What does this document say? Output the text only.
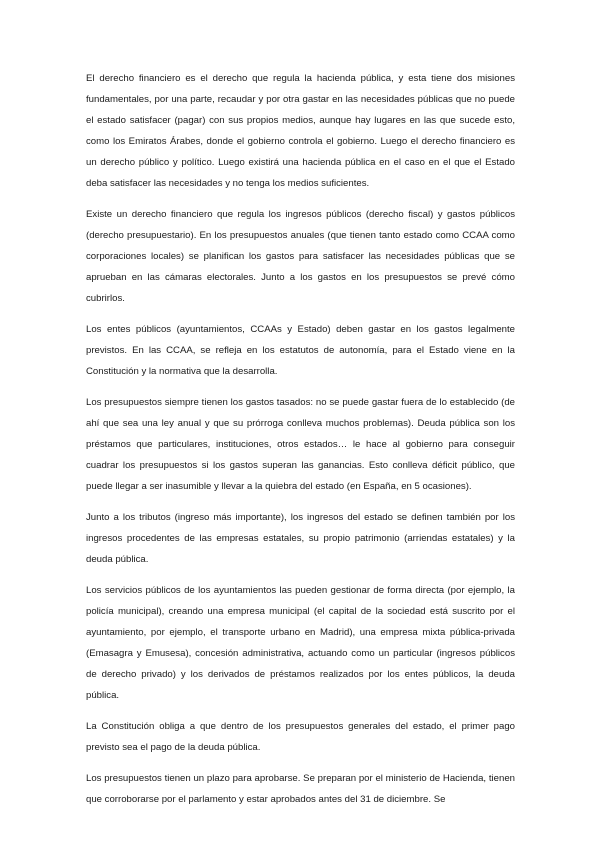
El derecho financiero es el derecho que regula la hacienda pública, y esta tiene dos misiones fundamentales, por una parte, recaudar y por otra gastar en las necesidades públicas que no puede el estado satisfacer (pagar) con sus propios medios, aunque hay lugares en las que sucede esto, como los Emiratos Árabes, donde el gobierno controla el gobierno. Luego el derecho financiero es un derecho público y político. Luego existirá una hacienda pública en el caso en el que el Estado deba satisfacer las necesidades y no tenga los medios suficientes.

Existe un derecho financiero que regula los ingresos públicos (derecho fiscal) y gastos públicos (derecho presupuestario). En los presupuestos anuales (que tienen tanto estado como CCAA como corporaciones locales) se planifican los gastos para satisfacer las necesidades públicas que se aprueban en las cámaras electorales. Junto a los gastos en los presupuestos se prevé cómo cubrirlos.

Los entes públicos (ayuntamientos, CCAAs y Estado) deben gastar en los gastos legalmente previstos. En las CCAA, se refleja en los estatutos de autonomía, para el Estado viene en la Constitución y la normativa que la desarrolla.

Los presupuestos siempre tienen los gastos tasados: no se puede gastar fuera de lo establecido (de ahí que sea una ley anual y que su prórroga conlleva muchos problemas). Deuda pública son los préstamos que particulares, instituciones, otros estados… le hace al gobierno para conseguir cuadrar los presupuestos si los gastos superan las ganancias. Esto conlleva déficit público, que puede llegar a ser inasumible y llevar a la quiebra del estado (en España, en 5 ocasiones).

Junto a los tributos (ingreso más importante), los ingresos del estado se definen también por los ingresos procedentes de las empresas estatales, su propio patrimonio (arriendas estatales) y la deuda pública.

Los servicios públicos de los ayuntamientos las pueden gestionar de forma directa (por ejemplo, la policía municipal), creando una empresa municipal (el capital de la sociedad está suscrito por el ayuntamiento, por ejemplo, el transporte urbano en Madrid), una empresa mixta pública-privada (Emasagra y Emusesa), concesión administrativa, actuando como un particular (ingresos públicos de derecho privado) y los derivados de préstamos realizados por los entes públicos, la deuda pública.

La Constitución obliga a que dentro de los presupuestos generales del estado, el primer pago previsto sea el pago de la deuda pública.

Los presupuestos tienen un plazo para aprobarse. Se preparan por el ministerio de Hacienda, tienen que corroborarse por el parlamento y estar aprobados antes del 31 de diciembre. Se
